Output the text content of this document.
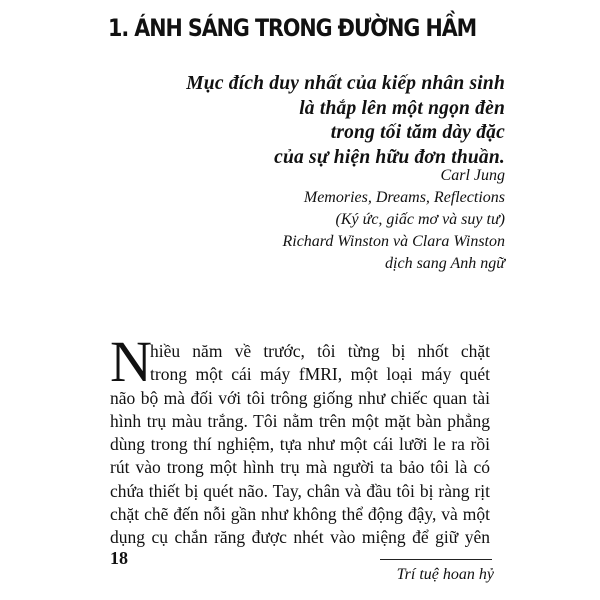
1. ÁNH SÁNG TRONG ĐƯỜNG HẦM
Mục đích duy nhất của kiếp nhân sinh
là thắp lên một ngọn đèn
trong tối tăm dày đặc
của sự hiện hữu đơn thuần.
Carl Jung
Memories, Dreams, Reflections
(Ký ức, giấc mơ và suy tư)
Richard Winston và Clara Winston
dịch sang Anh ngữ
N
hiều năm về trước, tôi từng bị nhốt chặt
trong một cái máy fMRI, một loại máy quét
não bộ mà đối với tôi trông giống như chiếc quan tài
hình trụ màu trắng. Tôi nằm trên một mặt bàn phẳng
dùng trong thí nghiệm, tựa như một cái lưỡi le ra rồi
rút vào trong một hình trụ mà người ta bảo tôi là có
chứa thiết bị quét não. Tay, chân và đầu tôi bị ràng rịt
chặt chẽ đến nỗi gần như không thể động đậy, và một
dụng cụ chắn răng được nhét vào miệng để giữ yên
18
Trí tuệ hoan hỷ
